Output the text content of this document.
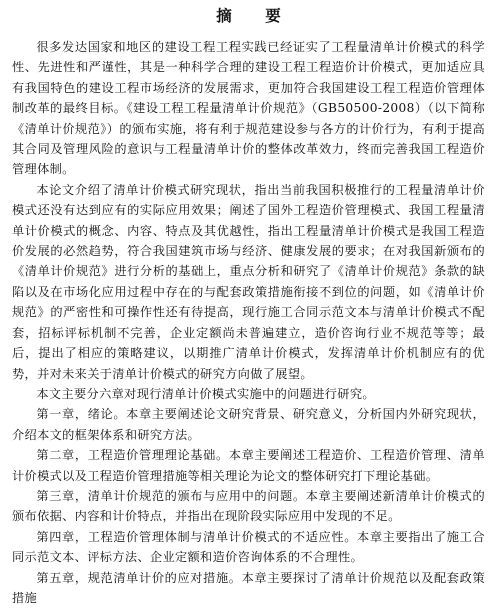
摘 要

很多发达国家和地区的建设工程工程实践已经证实了工程量清单计价模式的科学性、先进性和严谨性，其是一种科学合理的建设工程工程造价计价模式，更加适应具有我国特色的建设工程市场经济的发展需求，更加符合我国建设工程工程造价管理体制改革的最终目标。《建设工程工程量清单计价规范》（GB50500-2008）（以下简称《清单计价规范》）的颁布实施，将有利于规范建设参与各方的计价行为，有利于提高其合同及管理风险的意识与工程量清单计价的整体改革效力，终而完善我国工程造价管理体制。

本论文介绍了清单计价模式研究现状，指出当前我国积极推行的工程量清单计价模式还没有达到应有的实际应用效果；阐述了国外工程造价管理模式、我国工程量清单计价模式的概念、内容、特点及其优越性，指出工程量清单计价模式是我国工程造价发展的必然趋势，符合我国建筑市场与经济、健康发展的要求；在对我国新颁布的《清单计价规范》进行分析的基础上，重点分析和研究了《清单计价规范》条款的缺陷以及在市场化应用过程中存在的与配套政策措施衔接不到位的问题，如《清单计价规范》的严密性和可操作性还有待提高，现行施工合同示范文本与清单计价模式不配套，招标评标机制不完善，企业定额尚未普遍建立，造价咨询行业不规范等等；最后，提出了相应的策略建议，以期推广清单计价模式，发挥清单计价机制应有的优势，并对未来关于清单计价模式的研究方向做了展望。

本文主要分六章对现行清单计价模式实施中的问题进行研究。

第一章，绪论。本章主要阐述论文研究背景、研究意义，分析国内外研究现状，介绍本文的框架体系和研究方法。

第二章，工程造价管理理论基础。本章主要阐述工程造价、工程造价管理、清单计价模式以及工程造价管理措施等相关理论为论文的整体研究打下理论基础。

第三章，清单计价规范的颁布与应用中的问题。本章主要阐述新清单计价模式的颁布依据、内容和计价特点，并指出在现阶段实际应用中发现的不足。

第四章，工程造价管理体制与清单计价模式的不适应性。本章主要指出了施工合同示范文本、评标方法、企业定额和造价咨询体系的不合理性。

第五章，规范清单计价的应对措施。本章主要探讨了清单计价规范以及配套政策措施
